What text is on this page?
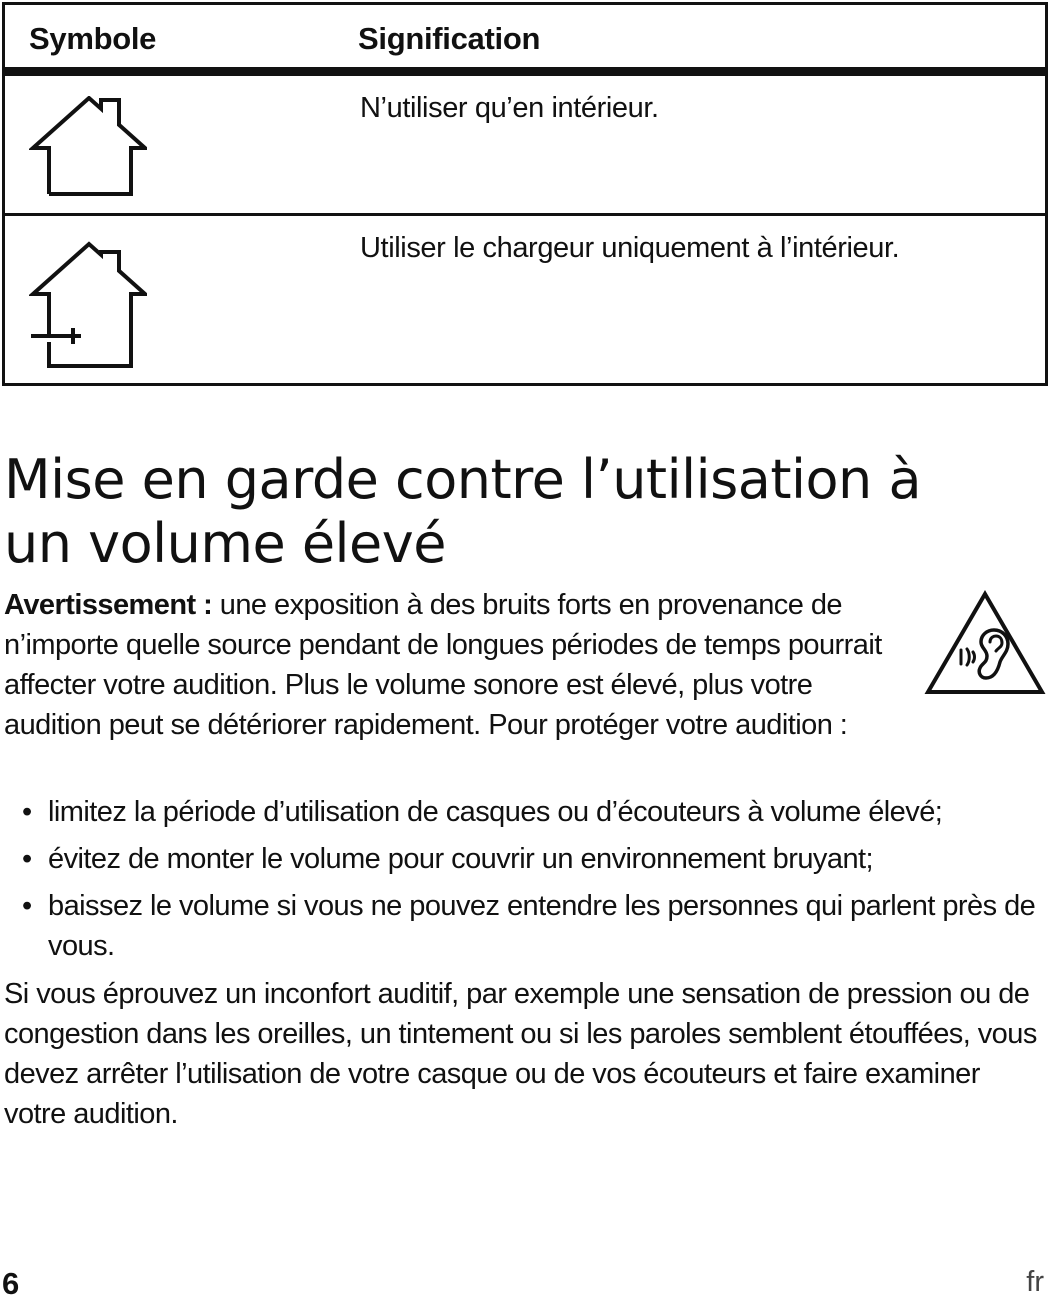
Symbole	Signification
N’utiliser qu’en intérieur.
Utiliser le chargeur uniquement à l’intérieur.
Mise en garde contre l’utilisation à un volume élevé

Avertissement : une exposition à des bruits forts en provenance de n’importe quelle source pendant de longues périodes de temps pourrait affecter votre audition. Plus le volume sonore est élevé, plus votre audition peut se détériorer rapidement. Pour protéger votre audition :

• limitez la période d’utilisation de casques ou d’écouteurs à volume élevé;
• évitez de monter le volume pour couvrir un environnement bruyant;
• baissez le volume si vous ne pouvez entendre les personnes qui parlent près de vous.

Si vous éprouvez un inconfort auditif, par exemple une sensation de pression ou de congestion dans les oreilles, un tintement ou si les paroles semblent étouffées, vous devez arrêter l’utilisation de votre casque ou de vos écouteurs et faire examiner votre audition.

6	fr
